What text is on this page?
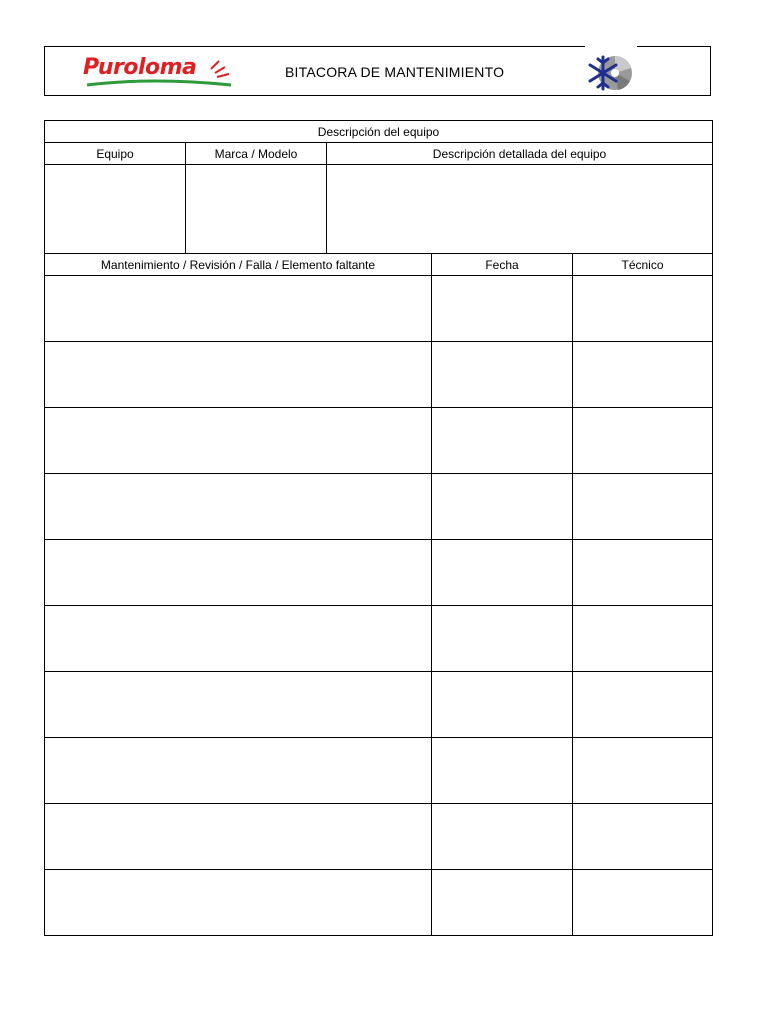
Puroloma	BITACORA DE MANTENIMIENTO
Descripción del equipo		
Equipo	Marca / Modelo	Descripción detallada del equipo

Mantenimiento / Revisión / Falla / Elemento faltante	Fecha	Técnico
